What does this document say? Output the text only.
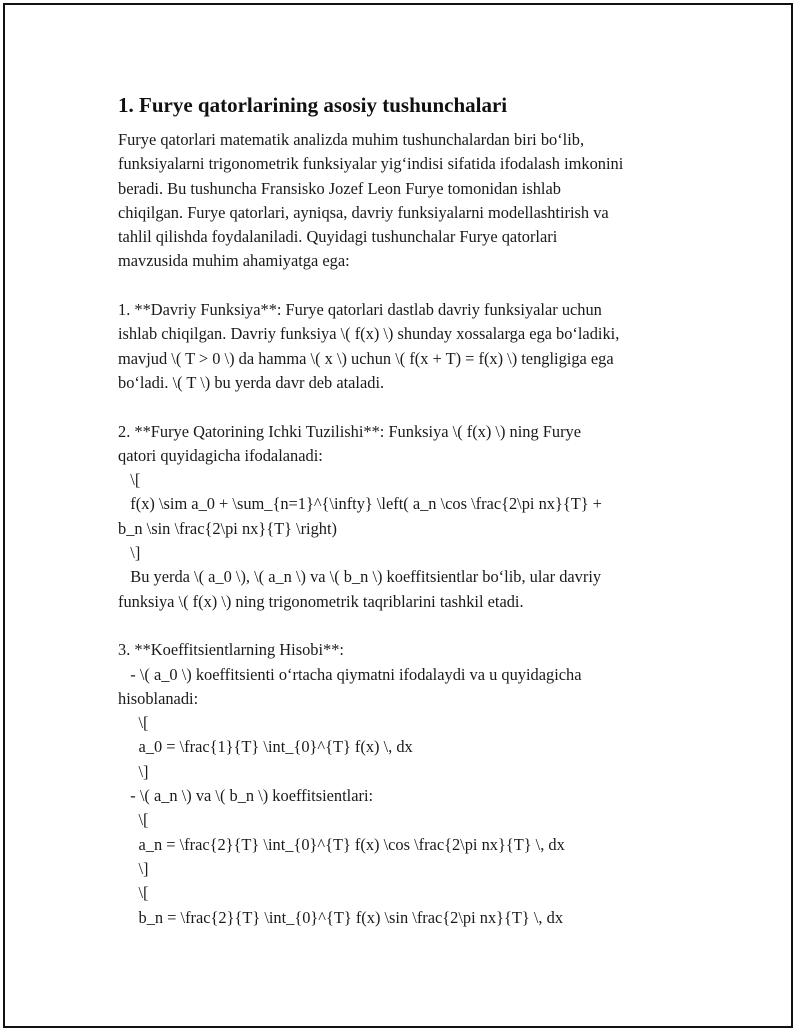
1. Furye qatorlarining asosiy tushunchalari

Furye qatorlari matematik analizda muhim tushunchalardan biri bo‘lib,
funksiyalarni trigonometrik funksiyalar yig‘indisi sifatida ifodalash imkonini
beradi. Bu tushuncha Fransisko Jozef Leon Furye tomonidan ishlab
chiqilgan. Furye qatorlari, ayniqsa, davriy funksiyalarni modellashtirish va
tahlil qilishda foydalaniladi. Quyidagi tushunchalar Furye qatorlari
mavzusida muhim ahamiyatga ega:

1. **Davriy Funksiya**: Furye qatorlari dastlab davriy funksiyalar uchun
ishlab chiqilgan. Davriy funksiya \( f(x) \) shunday xossalarga ega bo‘ladiki,
mavjud \( T > 0 \) da hamma \( x \) uchun \( f(x + T) = f(x) \) tengligiga ega
bo‘ladi. \( T \) bu yerda davr deb ataladi.

2. **Furye Qatorining Ichki Tuzilishi**: Funksiya \( f(x) \) ning Furye
qatori quyidagicha ifodalanadi:
\[
f(x) \sim a_0 + \sum_{n=1}^{\infty} \left( a_n \cos \frac{2\pi nx}{T} +
b_n \sin \frac{2\pi nx}{T} \right)
\]
Bu yerda \( a_0 \), \( a_n \) va \( b_n \) koeffitsientlar bo‘lib, ular davriy
funksiya \( f(x) \) ning trigonometrik taqriblarini tashkil etadi.

3. **Koeffitsientlarning Hisobi**:
- \( a_0 \) koeffitsienti o‘rtacha qiymatni ifodalaydi va u quyidagicha
hisoblanadi:
\[
a_0 = \frac{1}{T} \int_{0}^{T} f(x) \, dx
\]
- \( a_n \) va \( b_n \) koeffitsientlari:
\[
a_n = \frac{2}{T} \int_{0}^{T} f(x) \cos \frac{2\pi nx}{T} \, dx
\]
\[
b_n = \frac{2}{T} \int_{0}^{T} f(x) \sin \frac{2\pi nx}{T} \, dx
